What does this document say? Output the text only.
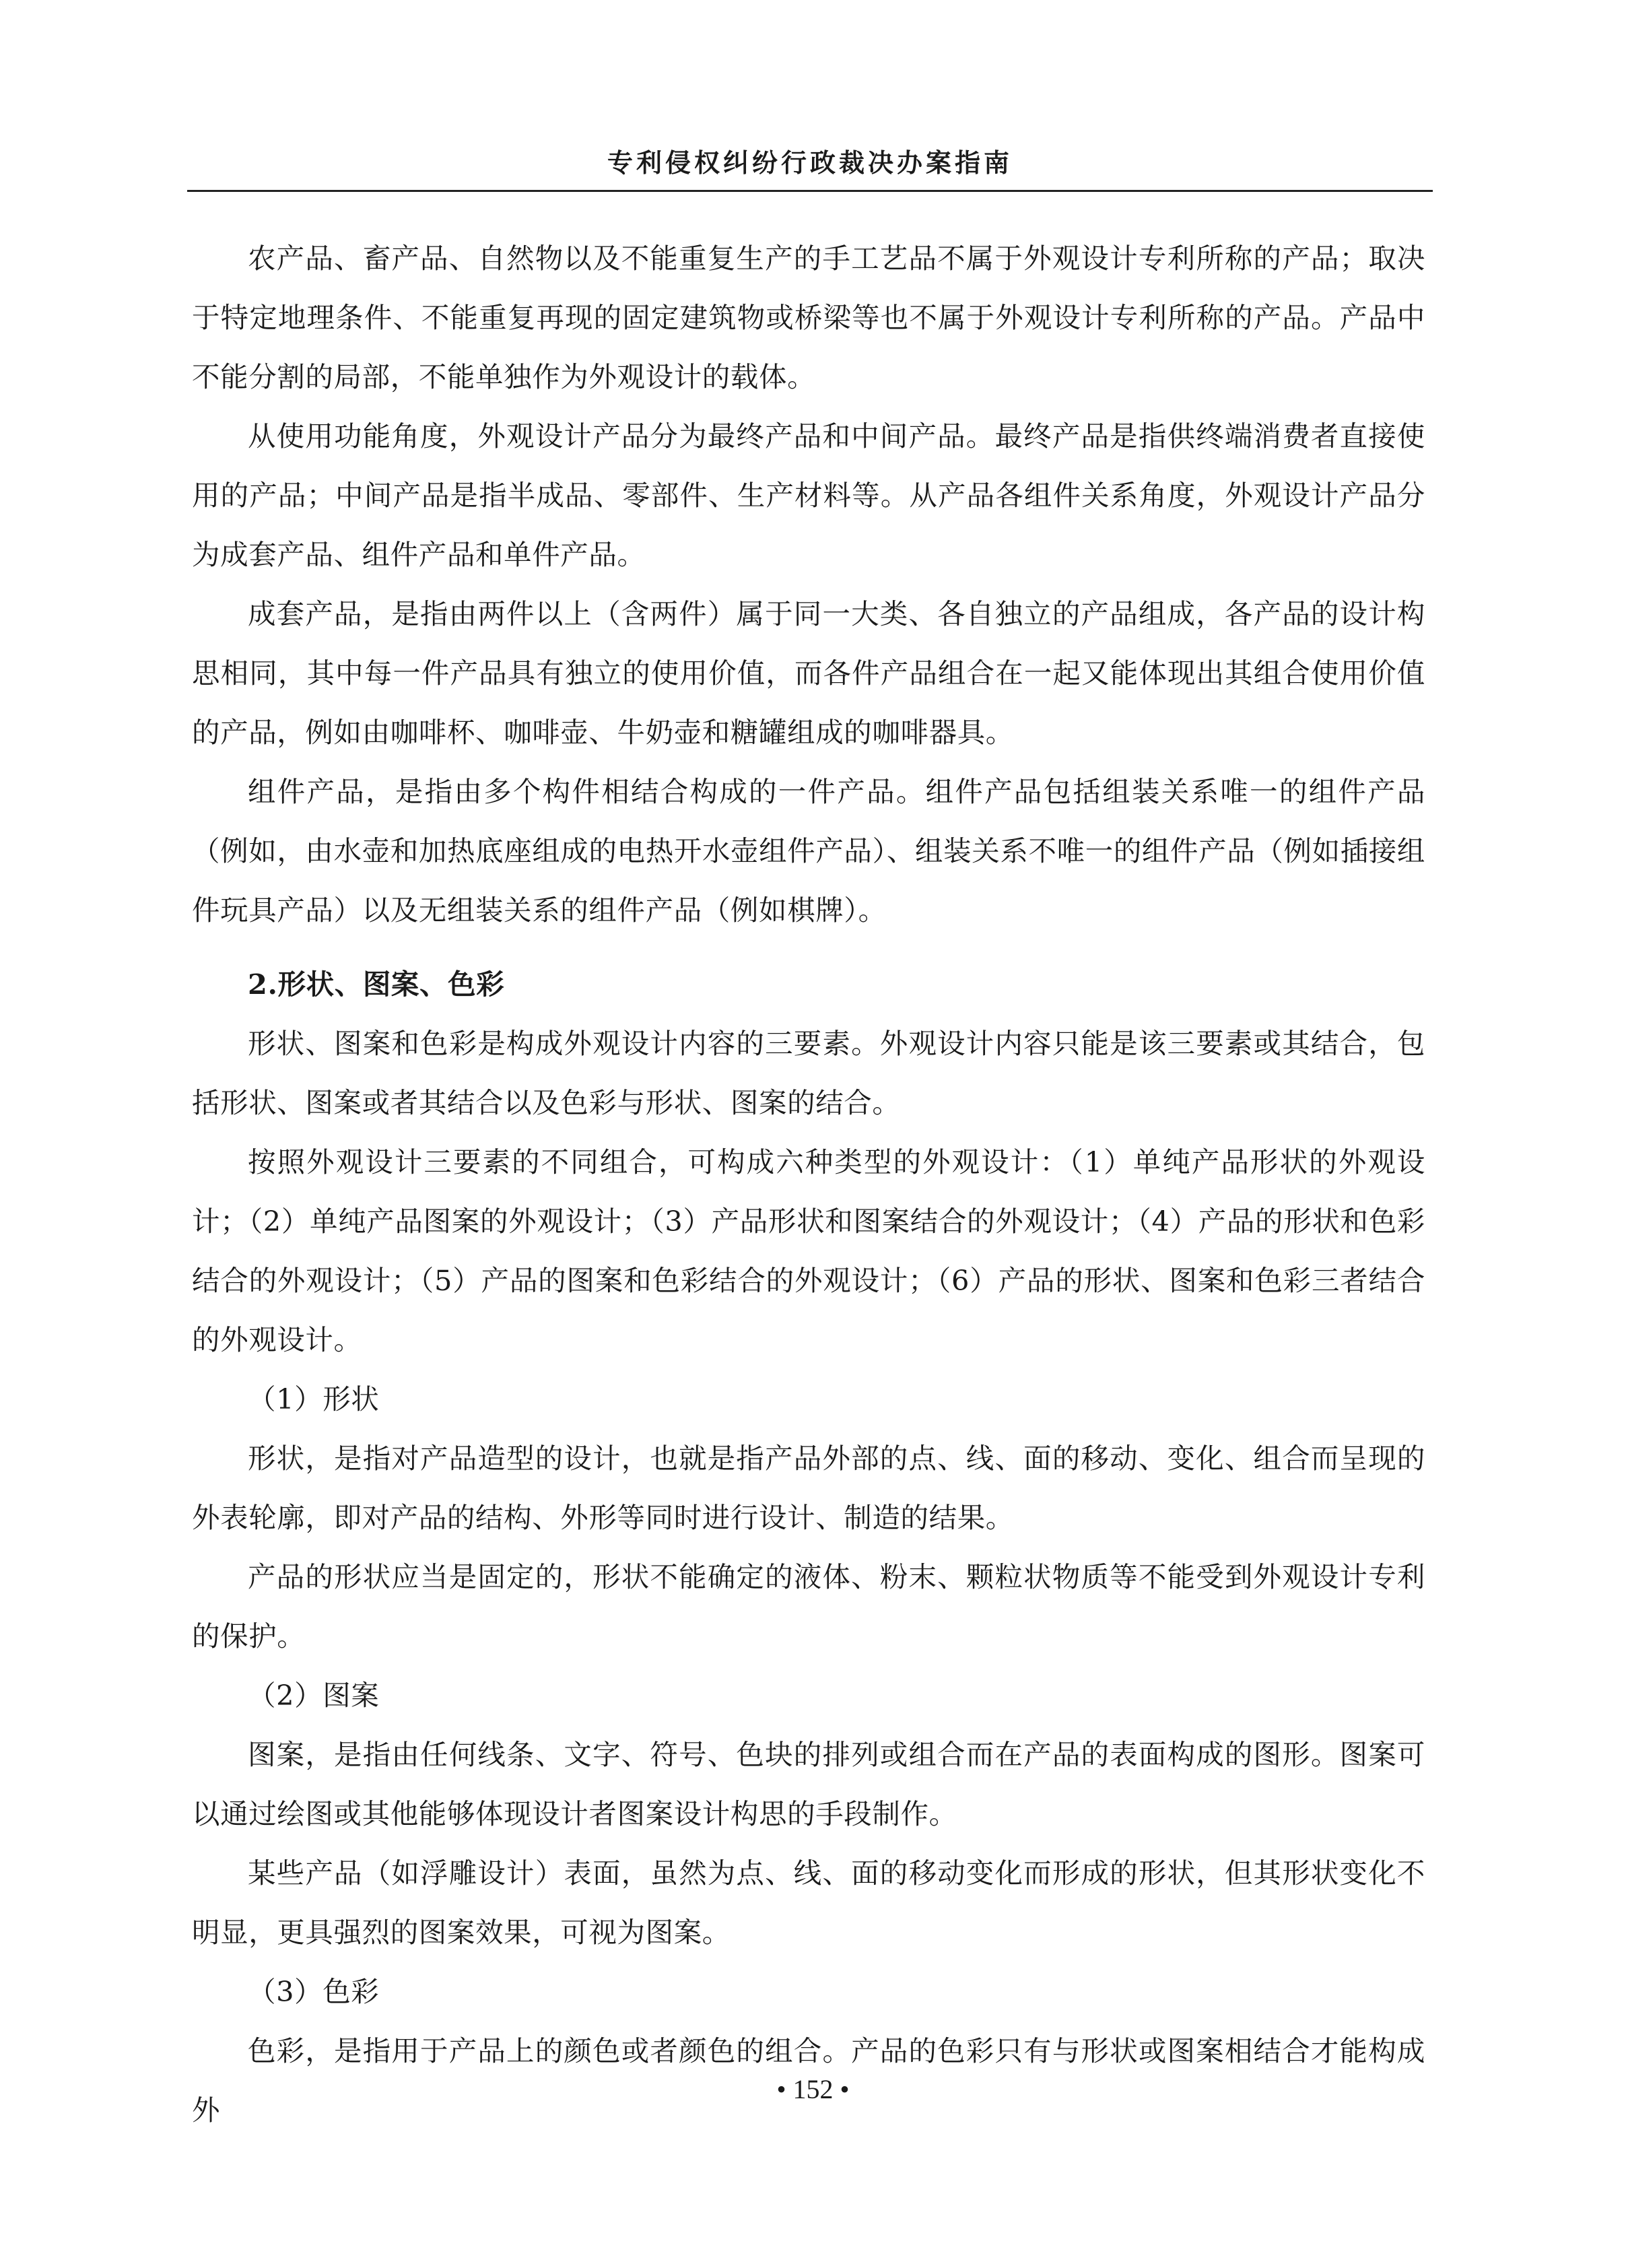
专利侵权纠纷行政裁决办案指南

农产品、畜产品、自然物以及不能重复生产的手工艺品不属于外观设计专利所称的产品；取决于特定地理条件、不能重复再现的固定建筑物或桥梁等也不属于外观设计专利所称的产品。产品中不能分割的局部，不能单独作为外观设计的载体。

从使用功能角度，外观设计产品分为最终产品和中间产品。最终产品是指供终端消费者直接使用的产品；中间产品是指半成品、零部件、生产材料等。从产品各组件关系角度，外观设计产品分为成套产品、组件产品和单件产品。

成套产品，是指由两件以上（含两件）属于同一大类、各自独立的产品组成，各产品的设计构思相同，其中每一件产品具有独立的使用价值，而各件产品组合在一起又能体现出其组合使用价值的产品，例如由咖啡杯、咖啡壶、牛奶壶和糖罐组成的咖啡器具。

组件产品，是指由多个构件相结合构成的一件产品。组件产品包括组装关系唯一的组件产品（例如，由水壶和加热底座组成的电热开水壶组件产品）、组装关系不唯一的组件产品（例如插接组件玩具产品）以及无组装关系的组件产品（例如棋牌）。

2.形状、图案、色彩

形状、图案和色彩是构成外观设计内容的三要素。外观设计内容只能是该三要素或其结合，包括形状、图案或者其结合以及色彩与形状、图案的结合。

按照外观设计三要素的不同组合，可构成六种类型的外观设计：（1）单纯产品形状的外观设计；（2）单纯产品图案的外观设计；（3）产品形状和图案结合的外观设计；（4）产品的形状和色彩结合的外观设计；（5）产品的图案和色彩结合的外观设计；（6）产品的形状、图案和色彩三者结合的外观设计。

（1）形状

形状，是指对产品造型的设计，也就是指产品外部的点、线、面的移动、变化、组合而呈现的外表轮廓，即对产品的结构、外形等同时进行设计、制造的结果。

产品的形状应当是固定的，形状不能确定的液体、粉末、颗粒状物质等不能受到外观设计专利的保护。

（2）图案

图案，是指由任何线条、文字、符号、色块的排列或组合而在产品的表面构成的图形。图案可以通过绘图或其他能够体现设计者图案设计构思的手段制作。

某些产品（如浮雕设计）表面，虽然为点、线、面的移动变化而形成的形状，但其形状变化不明显，更具强烈的图案效果，可视为图案。

（3）色彩

色彩，是指用于产品上的颜色或者颜色的组合。产品的色彩只有与形状或图案相结合才能构成外

• 152 •
